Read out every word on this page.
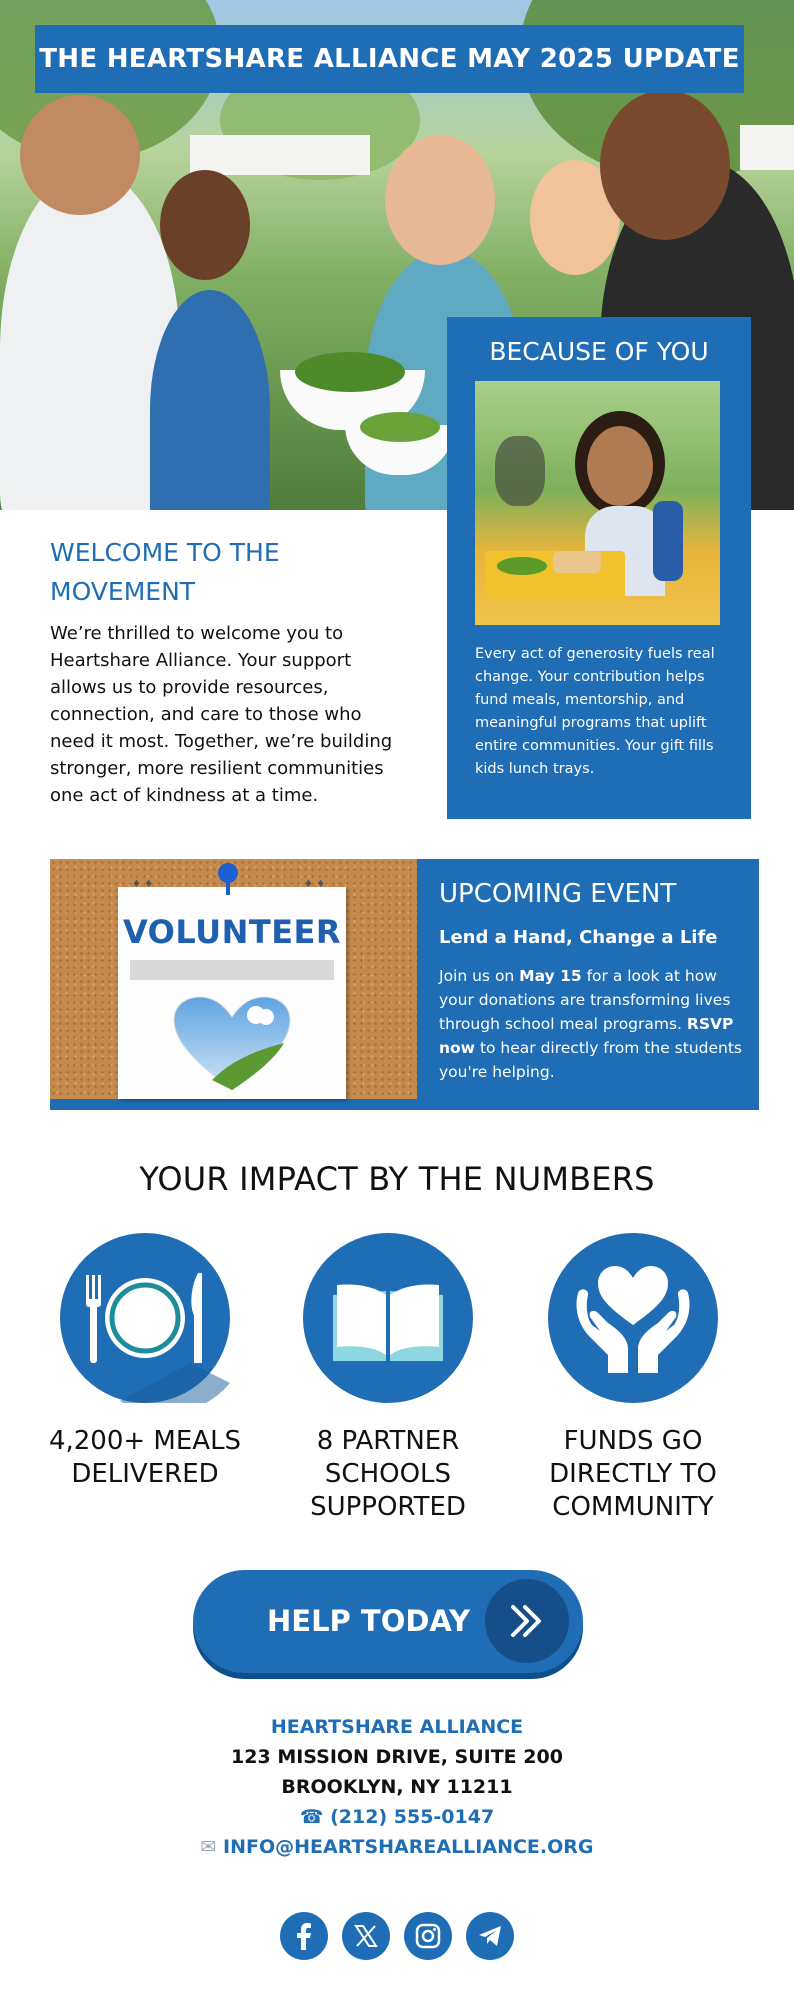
THE HEARTSHARE ALLIANCE MAY 2025 UPDATE
BECAUSE OF YOU

Every act of generosity fuels real change. Your contribution helps fund meals, mentorship, and meaningful programs that uplift entire communities. Your gift fills kids lunch trays.

WELCOME TO THE MOVEMENT

We’re thrilled to welcome you to Heartshare Alliance. Your support allows us to provide resources, connection, and care to those who need it most. Together, we’re building stronger, more resilient communities one act of kindness at a time.

♦ ♦	♦ ♦
VOLUNTEER
UPCOMING EVENT

Lend a Hand, Change a Life

Join us on May 15 for a look at how your donations are transforming lives through school meal programs. RSVP now to hear directly from the students you're helping.

YOUR IMPACT BY THE NUMBERS
4,200+ MEALS DELIVERED
8 PARTNER SCHOOLS SUPPORTED
FUNDS GO DIRECTLY TO COMMUNITY
HELP TODAY
HEARTSHARE ALLIANCE
123 MISSION DRIVE, SUITE 200
BROOKLYN, NY 11211
☎ (212) 555-0147
✉ INFO@HEARTSHAREALLIANCE.ORG
